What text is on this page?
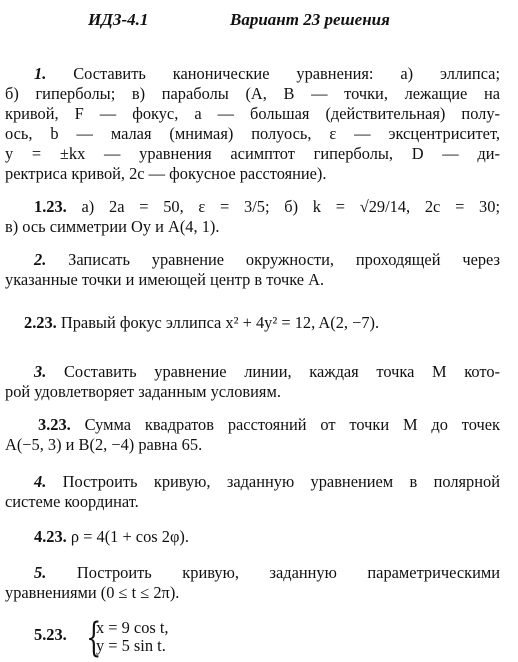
ИДЗ-4.1	Вариант 23 решения
1. Составить канонические уравнения: а) эллипса;
б) гиперболы; в) параболы (A, B — точки, лежащие на
кривой, F — фокус, a — большая (действительная) полу-
ось, b — малая (мнимая) полуось, ε — эксцентриситет,
y = ±kx — уравнения асимптот гиперболы, D — ди-
ректриса кривой, 2c — фокусное расстояние).
1.23. а) 2a = 50, ε = 3/5; б) k = √29/14, 2c = 30;
в) ось симметрии Oy и A(4, 1).
2. Записать уравнение окружности, проходящей через
указанные точки и имеющей центр в точке A.
2.23. Правый фокус эллипса x² + 4y² = 12, A(2, −7).
3. Составить уравнение линии, каждая точка M кото-
рой удовлетворяет заданным условиям.
3.23. Сумма квадратов расстояний от точки M до точек
A(−5, 3) и B(2, −4) равна 65.
4. Построить кривую, заданную уравнением в полярной
системе координат.
4.23. ρ = 4(1 + cos 2φ).
5. Построить кривую, заданную параметрическими
уравнениями (0 ≤ t ≤ 2π).
5.23. {
x = 9 cos t,
y = 5 sin t.
